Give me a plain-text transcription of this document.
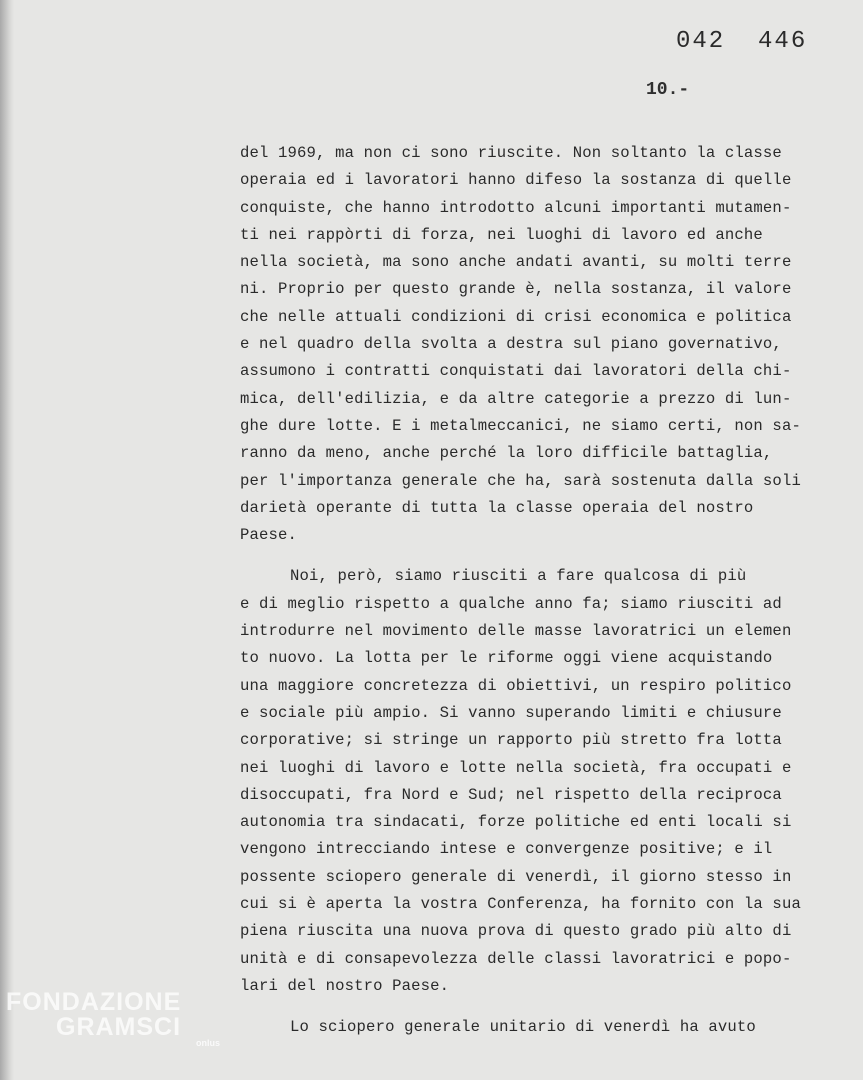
042  446
10.-
del 1969, ma non ci sono riuscite. Non soltanto la classe
operaia ed i lavoratori hanno difeso la sostanza di quelle
conquiste, che hanno introdotto alcuni importanti mutamen-
ti nei rappòrti di forza, nei luoghi di lavoro ed anche
nella società, ma sono anche andati avanti, su molti terre
ni. Proprio per questo grande è, nella sostanza, il valore
che nelle attuali condizioni di crisi economica e politica
e nel quadro della svolta a destra sul piano governativo,
assumono i contratti conquistati dai lavoratori della chi-
mica, dell'edilizia, e da altre categorie a prezzo di lun-
ghe dure lotte. E i metalmeccanici, ne siamo certi, non sa-
ranno da meno, anche perché la loro difficile battaglia,
per l'importanza generale che ha, sarà sostenuta dalla soli
darietà operante di tutta la classe operaia del nostro
Paese.
Noi, però, siamo riusciti a fare qualcosa di più
e di meglio rispetto a qualche anno fa; siamo riusciti ad
introdurre nel movimento delle masse lavoratrici un elemen
to nuovo. La lotta per le riforme oggi viene acquistando
una maggiore concretezza di obiettivi, un respiro politico
e sociale più ampio. Si vanno superando limiti e chiusure
corporative; si stringe un rapporto più stretto fra lotta
nei luoghi di lavoro e lotte nella società, fra occupati e
disoccupati, fra Nord e Sud; nel rispetto della reciproca
autonomia tra sindacati, forze politiche ed enti locali si
vengono intrecciando intese e convergenze positive; e il
possente sciopero generale di venerdì, il giorno stesso in
cui si è aperta la vostra Conferenza, ha fornito con la sua
piena riuscita una nuova prova di questo grado più alto di
unità e di consapevolezza delle classi lavoratrici e popo-
lari del nostro Paese.
Lo sciopero generale unitario di venerdì ha avuto
FONDAZIONE
GRAMSCI
onlus
